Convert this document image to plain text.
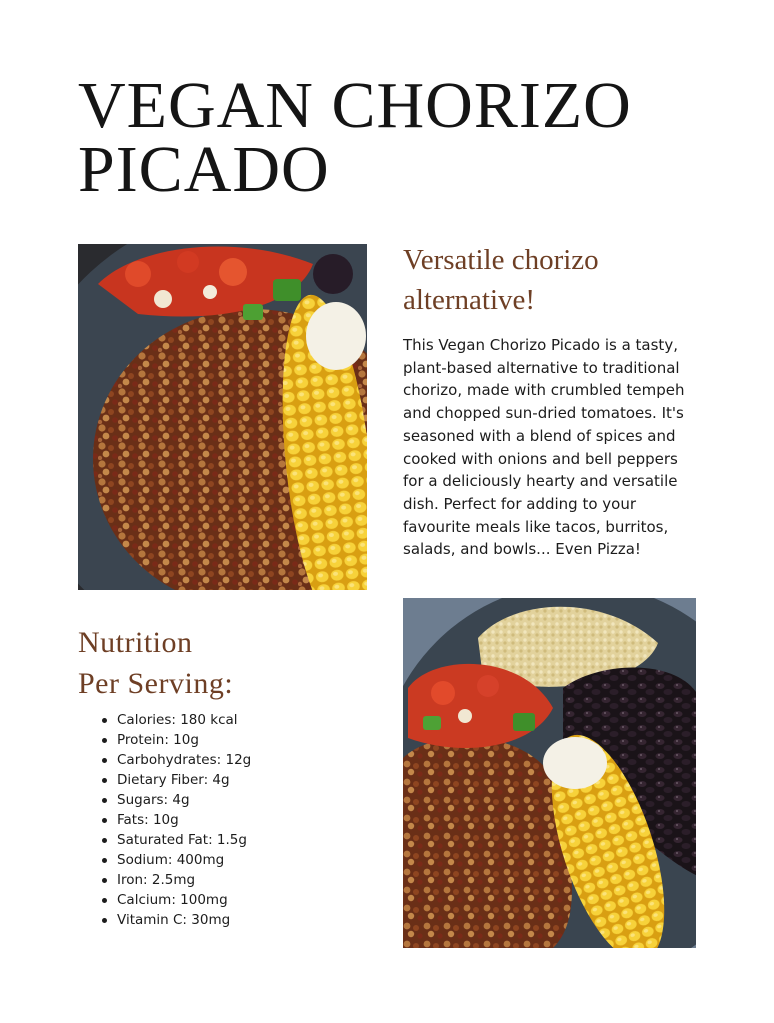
VEGAN CHORIZO
PICADO
Versatile chorizo
alternative!

This Vegan Chorizo Picado is a tasty, plant-based alternative to traditional chorizo, made with crumbled tempeh and chopped sun-dried tomatoes. It's seasoned with a blend of spices and cooked with onions and bell peppers for a deliciously hearty and versatile dish. Perfect for adding to your favourite meals like tacos, burritos, salads, and bowls... Even Pizza!

Nutrition
Per Serving:
Calories: 180 kcal
Protein: 10g
Carbohydrates: 12g
Dietary Fiber: 4g
Sugars: 4g
Fats: 10g
Saturated Fat: 1.5g
Sodium: 400mg
Iron: 2.5mg
Calcium: 100mg
Vitamin C: 30mg
